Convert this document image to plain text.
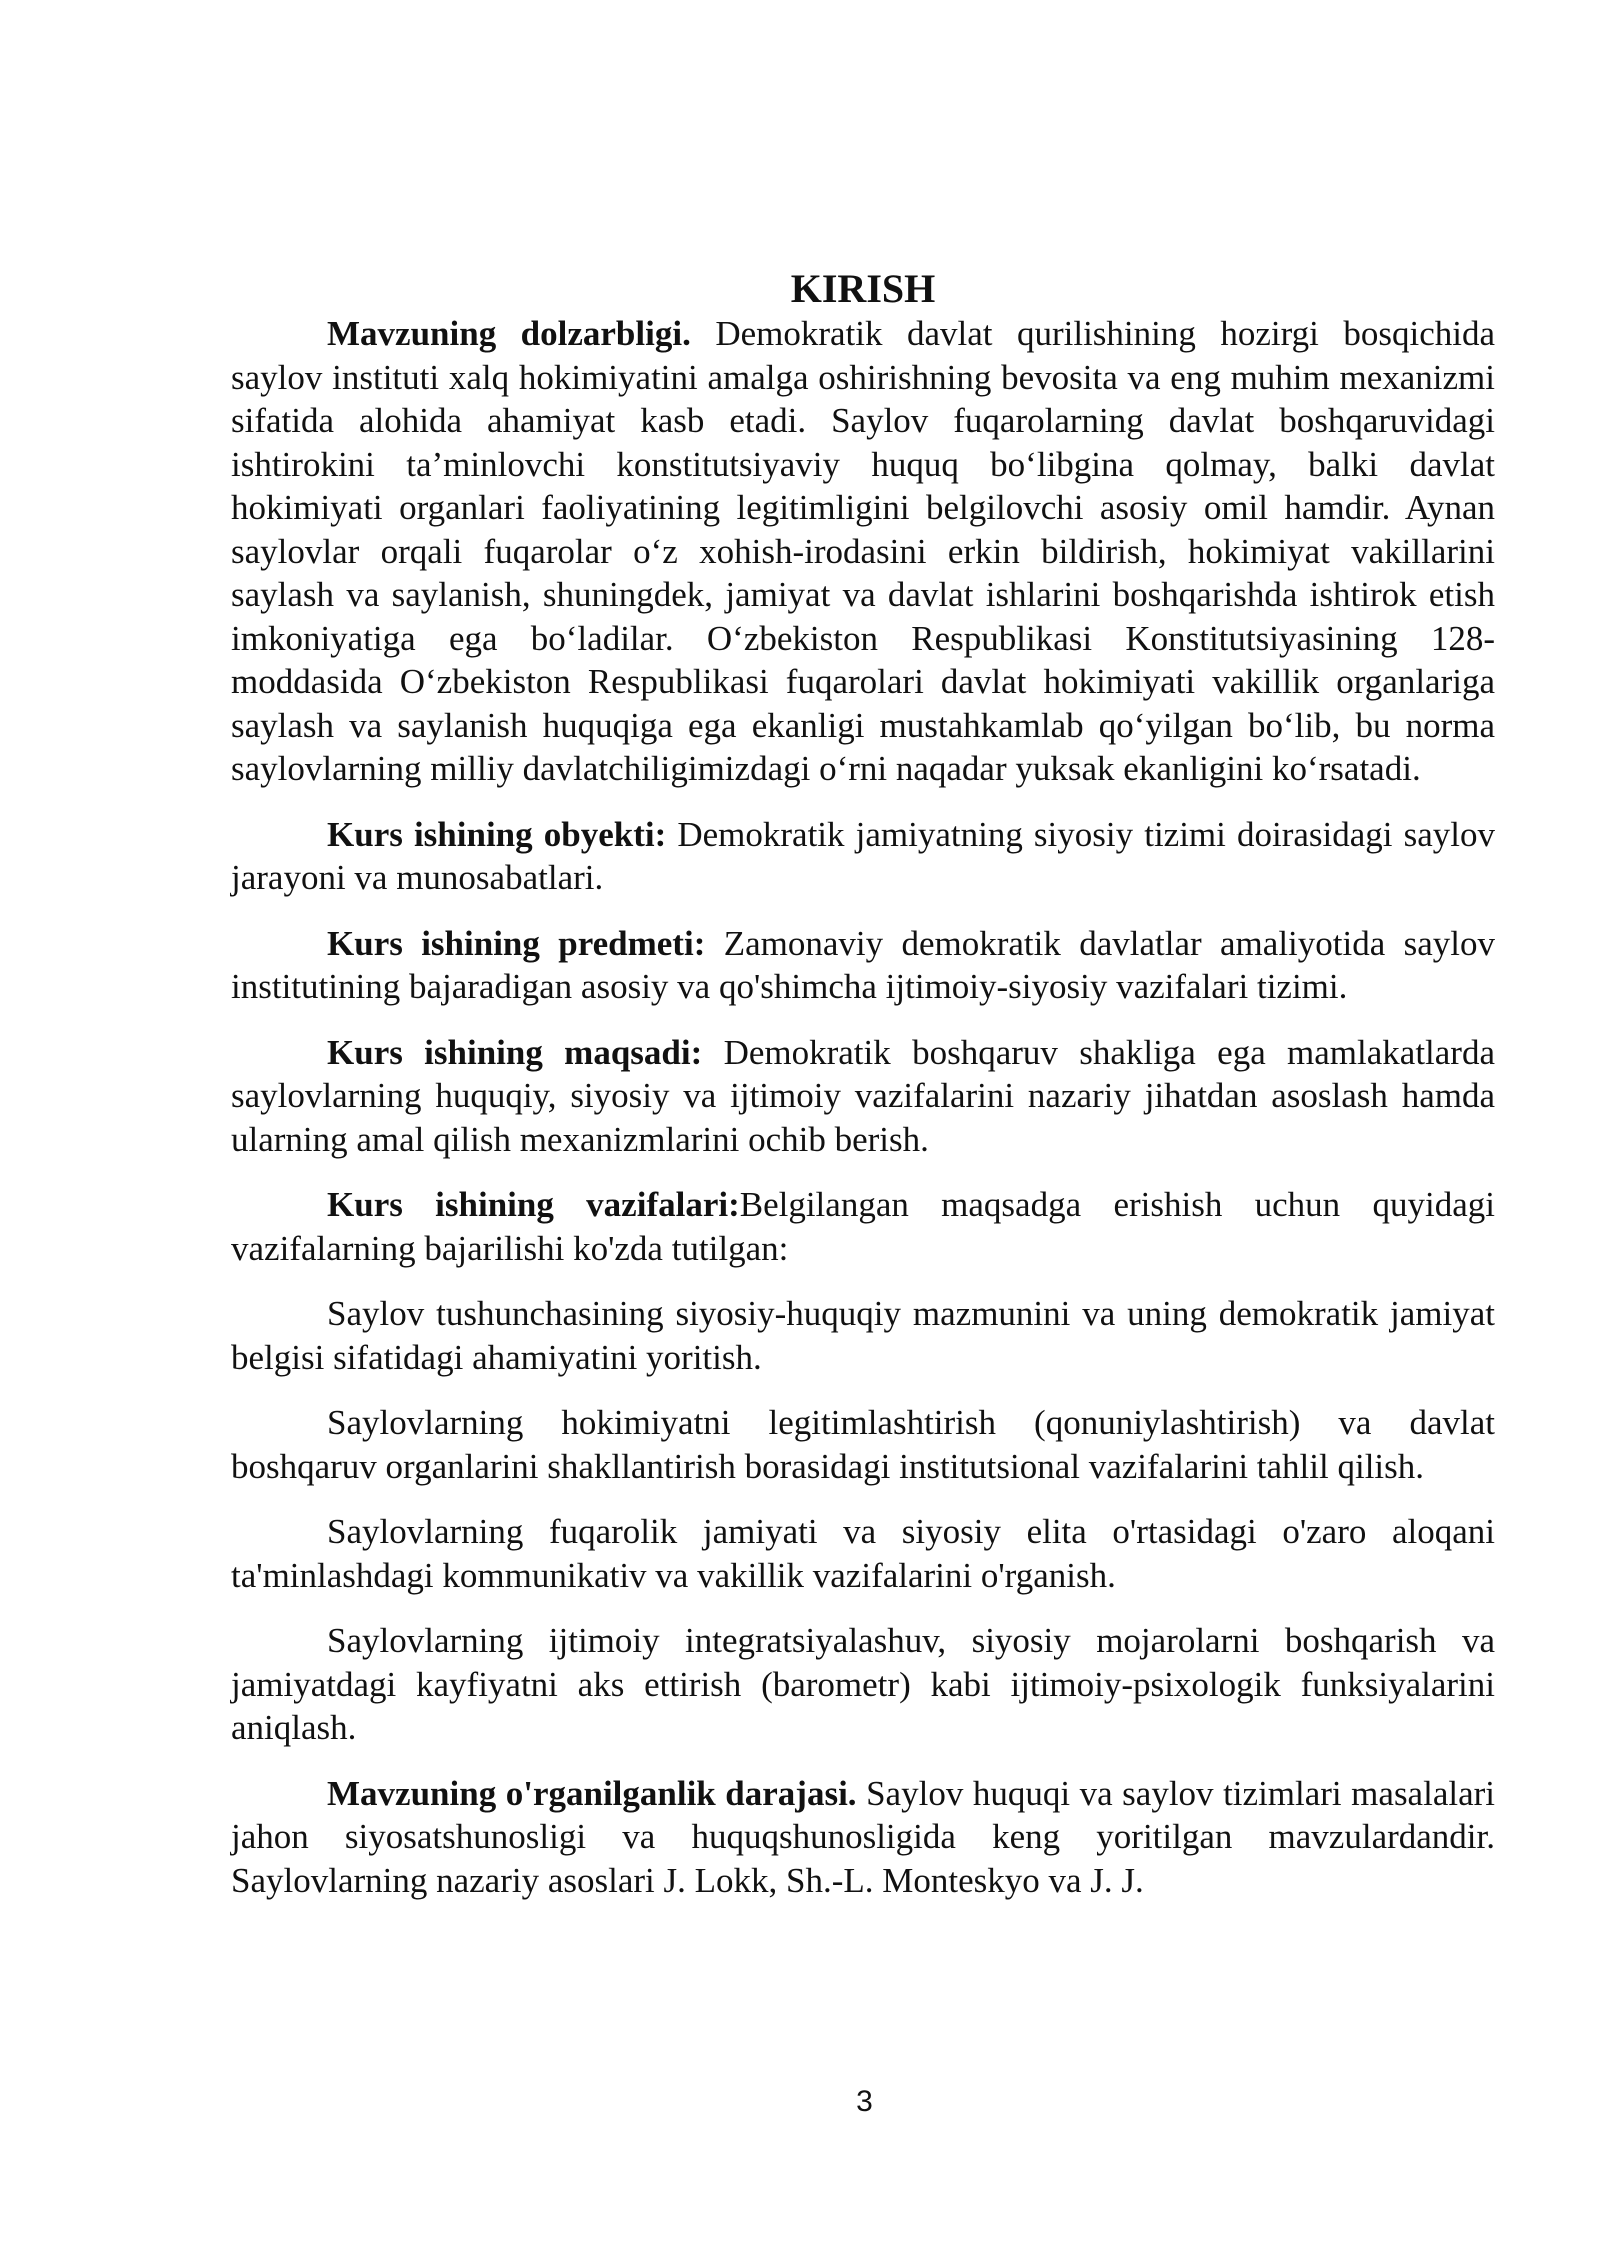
KIRISH

Mavzuning dolzarbligi. Demokratik davlat qurilishining hozirgi bosqichida saylov instituti xalq hokimiyatini amalga oshirishning bevosita va eng muhim mexanizmi sifatida alohida ahamiyat kasb etadi. Saylov fuqarolarning davlat boshqaruvidagi ishtirokini ta’minlovchi konstitutsiyaviy huquq bo‘libgina qolmay, balki davlat hokimiyati organlari faoliyatining legitimligini belgilovchi asosiy omil hamdir. Aynan saylovlar orqali fuqarolar o‘z xohish-irodasini erkin bildirish, hokimiyat vakillarini saylash va saylanish, shuningdek, jamiyat va davlat ishlarini boshqarishda ishtirok etish imkoniyatiga ega bo‘ladilar. O‘zbekiston Respublikasi Konstitutsiyasining 128-moddasida O‘zbekiston Respublikasi fuqarolari davlat hokimiyati vakillik organlariga saylash va saylanish huquqiga ega ekanligi mustahkamlab qo‘yilgan bo‘lib, bu norma saylovlarning milliy davlatchiligimizdagi o‘rni naqadar yuksak ekanligini ko‘rsatadi.

Kurs ishining obyekti: Demokratik jamiyatning siyosiy tizimi doirasidagi saylov jarayoni va munosabatlari.

Kurs ishining predmeti: Zamonaviy demokratik davlatlar amaliyotida saylov institutining bajaradigan asosiy va qo'shimcha ijtimoiy-siyosiy vazifalari tizimi.

Kurs ishining maqsadi: Demokratik boshqaruv shakliga ega mamlakatlarda saylovlarning huquqiy, siyosiy va ijtimoiy vazifalarini nazariy jihatdan asoslash hamda ularning amal qilish mexanizmlarini ochib berish.

Kurs ishining vazifalari:Belgilangan maqsadga erishish uchun quyidagi vazifalarning bajarilishi ko'zda tutilgan:

Saylov tushunchasining siyosiy-huquqiy mazmunini va uning demokratik jamiyat belgisi sifatidagi ahamiyatini yoritish.

Saylovlarning hokimiyatni legitimlashtirish (qonuniylashtirish) va davlat boshqaruv organlarini shakllantirish borasidagi institutsional vazifalarini tahlil qilish.

Saylovlarning fuqarolik jamiyati va siyosiy elita o'rtasidagi o'zaro aloqani ta'minlashdagi kommunikativ va vakillik vazifalarini o'rganish.

Saylovlarning ijtimoiy integratsiyalashuv, siyosiy mojarolarni boshqarish va jamiyatdagi kayfiyatni aks ettirish (barometr) kabi ijtimoiy-psixologik funksiyalarini aniqlash.

Mavzuning o'rganilganlik darajasi. Saylov huquqi va saylov tizimlari masalalari jahon siyosatshunosligi va huquqshunosligida keng yoritilgan mavzulardandir. Saylovlarning nazariy asoslari J. Lokk, Sh.-L. Monteskyo va J. J.

3
